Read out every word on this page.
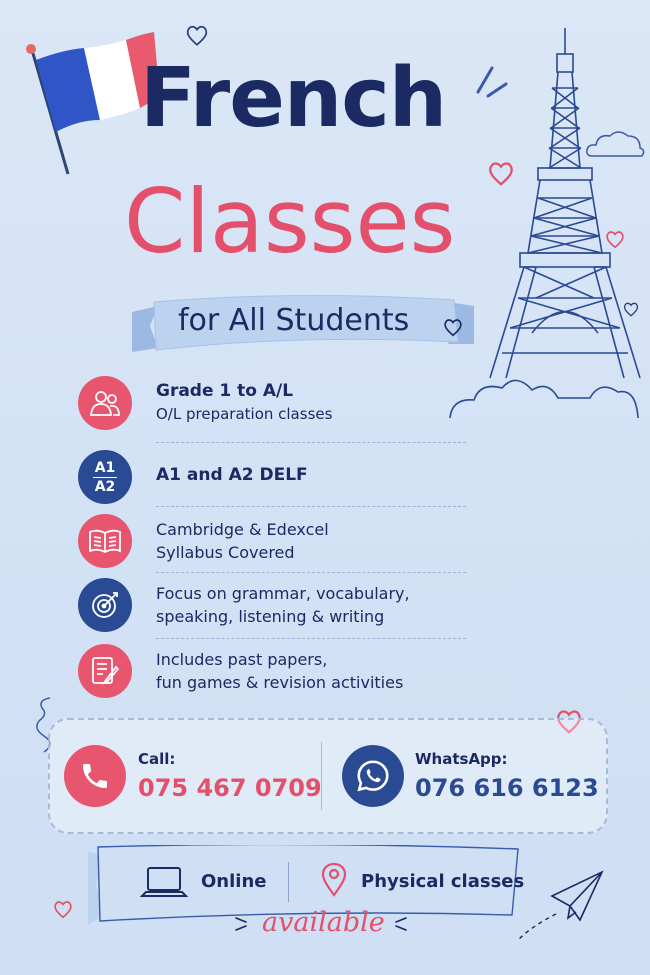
French
Classes
for All Students
Grade 1 to A/L
O/L preparation classes
A1
A2
A1 and A2 DELF
Cambridge & Edexcel
Syllabus Covered
Focus on grammar, vocabulary,
speaking, listening & writing
Includes past papers,
fun games & revision activities
Call:
075 467 0709
WhatsApp:
076 616 6123
Online	Physical classes
available
